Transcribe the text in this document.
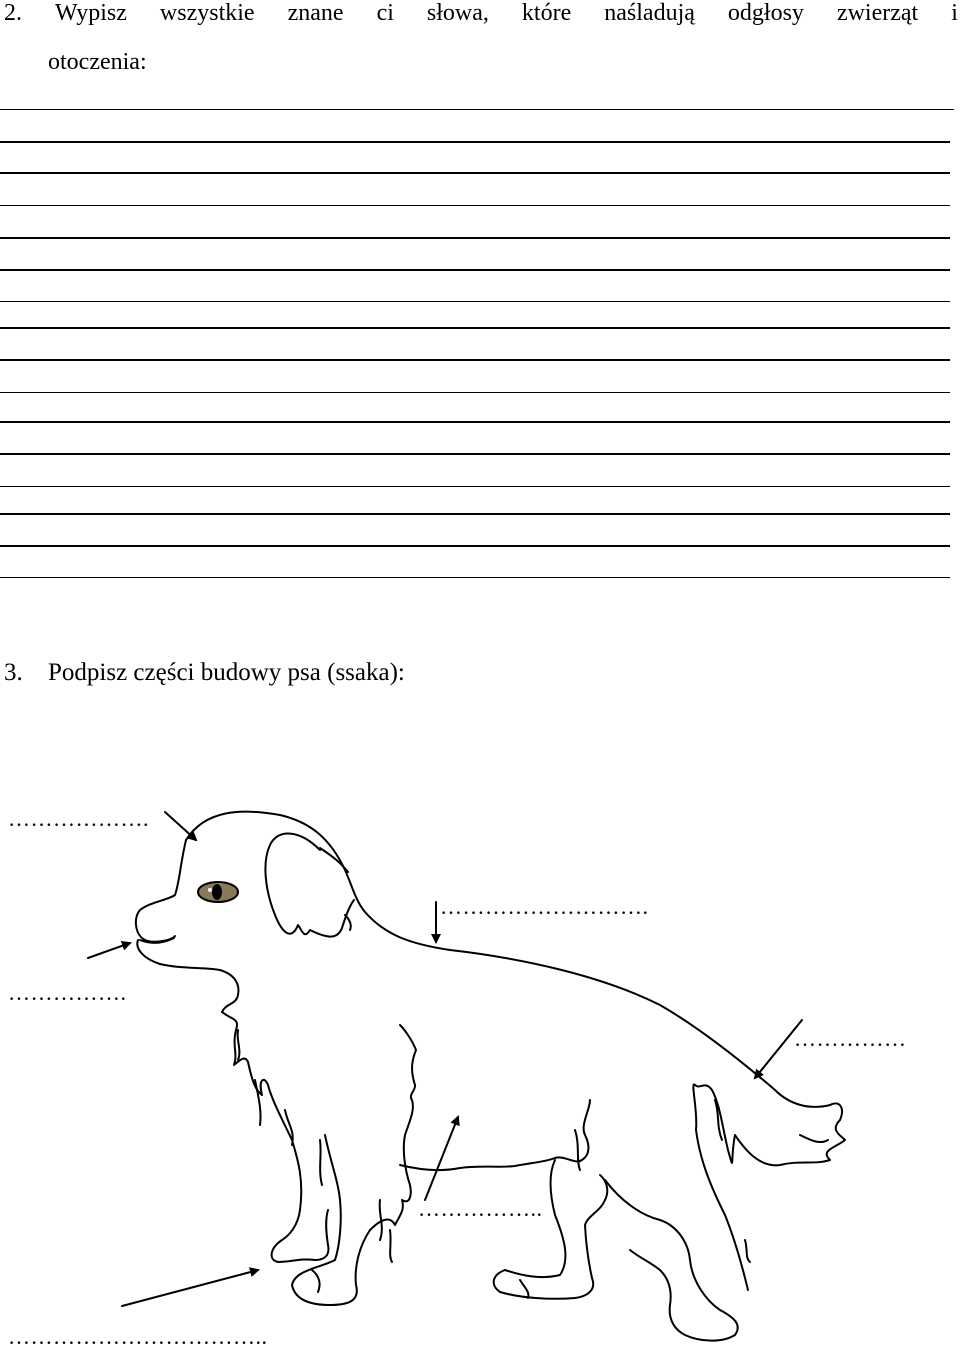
2. Wypisz wszystkie znane ci słowa, które naśladują odgłosy zwierząt i
otoczenia:
3. Podpisz części budowy psa (ssaka):
……………….
……………………….
…………….
……………
……………..
……………………………..
